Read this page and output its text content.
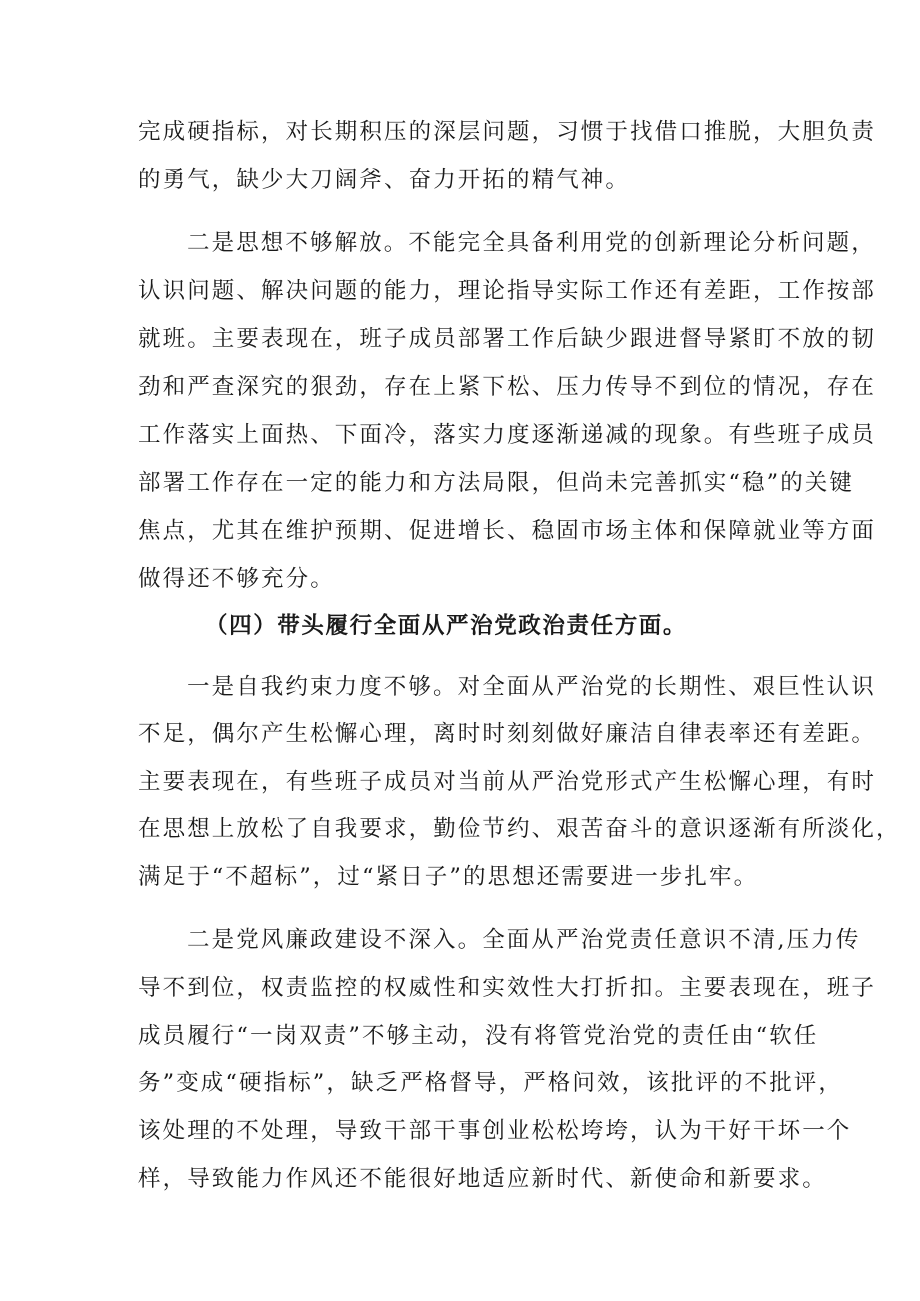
完成硬指标，对长期积压的深层问题，习惯于找借口推脱，大胆负责
的勇气，缺少大刀阔斧、奋力开拓的精气神。
二是思想不够解放。不能完全具备利用党的创新理论分析问题，
认识问题、解决问题的能力，理论指导实际工作还有差距，工作按部
就班。主要表现在，班子成员部署工作后缺少跟进督导紧盯不放的韧
劲和严查深究的狠劲，存在上紧下松、压力传导不到位的情况，存在
工作落实上面热、下面冷，落实力度逐渐递减的现象。有些班子成员
部署工作存在一定的能力和方法局限，但尚未完善抓实“稳”的关键
焦点，尤其在维护预期、促进增长、稳固市场主体和保障就业等方面
做得还不够充分。
（四）带头履行全面从严治党政治责任方面。
一是自我约束力度不够。对全面从严治党的长期性、艰巨性认识
不足，偶尔产生松懈心理，离时时刻刻做好廉洁自律表率还有差距。
主要表现在，有些班子成员对当前从严治党形式产生松懈心理，有时
在思想上放松了自我要求，勤俭节约、艰苦奋斗的意识逐渐有所淡化，
满足于“不超标”，过“紧日子”的思想还需要进一步扎牢。
二是党风廉政建设不深入。全面从严治党责任意识不清,压力传
导不到位，权责监控的权威性和实效性大打折扣。主要表现在，班子
成员履行“一岗双责”不够主动，没有将管党治党的责任由“软任
务”变成“硬指标”，缺乏严格督导，严格问效，该批评的不批评，
该处理的不处理，导致干部干事创业松松垮垮，认为干好干坏一个
样，导致能力作风还不能很好地适应新时代、新使命和新要求。
